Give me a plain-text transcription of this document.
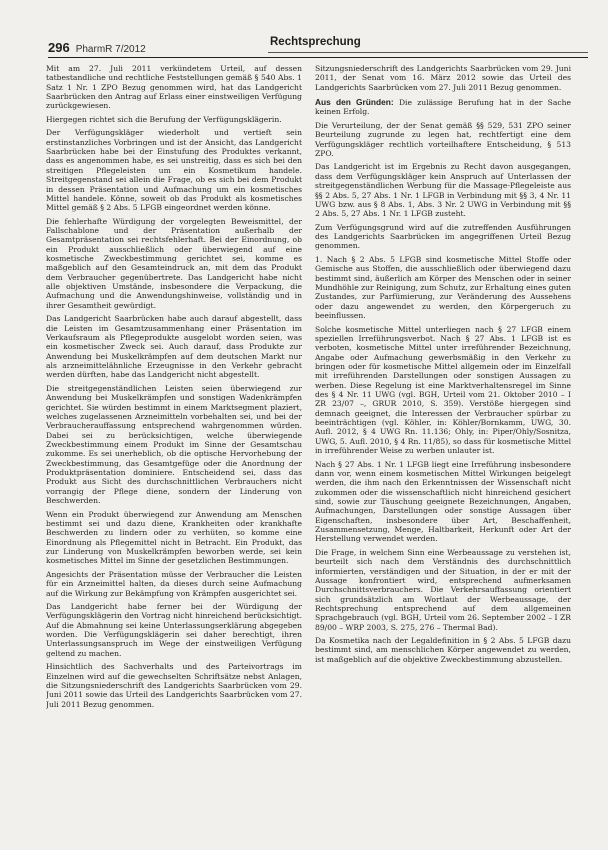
296 PharmR 7/2012
Rechtsprechung

Mit am 27. Juli 2011 verkündetem Urteil, auf dessen tatbestandliche und rechtliche Feststellungen gemäß § 540 Abs. 1 Satz 1 Nr. 1 ZPO Bezug genommen wird, hat das Landgericht Saarbrücken den Antrag auf Erlass einer einstweiligen Verfügung zurückgewiesen.

Hiergegen richtet sich die Berufung der Verfügungsklägerin.

Der Verfügungskläger wiederholt und vertieft sein erstinstanzliches Vorbringen und ist der Ansicht, das Landgericht Saarbrücken habe bei der Einstufung des Produktes verkannt, dass es angenommen habe, es sei unstreitig, dass es sich bei den streitigen Pflegeleisten um ein Kosmetikum handele. Streitgegenstand sei allein die Frage, ob es sich bei dem Produkt in dessen Präsentation und Aufmachung um ein kosmetisches Mittel handele. Könne, soweit ob das Produkt als kosmetisches Mittel gemäß § 2 Abs. 5 LFGB eingeordnet werden könne.

Die fehlerhafte Würdigung der vorgelegten Beweismittel, der Fallschablone und der Präsentation außerhalb der Gesamtpräsentation sei rechtsfehlerhaft. Bei der Einordnung, ob ein Produkt ausschließlich oder überwiegend auf eine kosmetische Zweckbestimmung gerichtet sei, komme es maßgeblich auf den Gesamteindruck an, mit dem das Produkt dem Verbraucher gegenübertrete. Das Landgericht habe nicht alle objektiven Umstände, insbesondere die Verpackung, die Aufmachung und die Anwendungshinweise, vollständig und in ihrer Gesamtheit gewürdigt.

Das Landgericht Saarbrücken habe auch darauf abgestellt, dass die Leisten im Gesamtzusammenhang einer Präsentation im Verkaufsraum als Pflegeprodukte ausgelobt worden seien, was ein kosmetischer Zweck sei. Auch darauf, dass Produkte zur Anwendung bei Muskelkrämpfen auf dem deutschen Markt nur als arzneimittelähnliche Erzeugnisse in den Verkehr gebracht werden dürften, habe das Landgericht nicht abgestellt.

Die streitgegenständlichen Leisten seien überwiegend zur Anwendung bei Muskelkrämpfen und sonstigen Wadenkrämpfen gerichtet. Sie würden bestimmt in einem Marktsegment plaziert, welches zugelassenen Arzneimitteln vorbehalten sei, und bei der Verbraucherauffassung entsprechend wahrgenommen würden. Dabei sei zu berücksichtigen, welche überwiegende Zweckbestimmung einem Produkt im Sinne der Gesamtschau zukomme. Es sei unerheblich, ob die optische Hervorhebung der Zweckbestimmung, das Gesamtgefüge oder die Anordnung der Produktpräsentation dominiere. Entscheidend sei, dass das Produkt aus Sicht des durchschnittlichen Verbrauchers nicht vorrangig der Pflege diene, sondern der Linderung von Beschwerden.

Wenn ein Produkt überwiegend zur Anwendung am Menschen bestimmt sei und dazu diene, Krankheiten oder krankhafte Beschwerden zu lindern oder zu verhüten, so komme eine Einordnung als Pflegemittel nicht in Betracht. Ein Produkt, das zur Linderung von Muskelkrämpfen beworben werde, sei kein kosmetisches Mittel im Sinne der gesetzlichen Bestimmungen.

Angesichts der Präsentation müsse der Verbraucher die Leisten für ein Arzneimittel halten, da dieses durch seine Aufmachung auf die Wirkung zur Bekämpfung von Krämpfen ausgerichtet sei.

Das Landgericht habe ferner bei der Würdigung der Verfügungsklägerin den Vortrag nicht hinreichend berücksichtigt. Auf die Abmahnung sei keine Unterlassungserklärung abgegeben worden. Die Verfügungsklägerin sei daher berechtigt, ihren Unterlassungsanspruch im Wege der einstweiligen Verfügung geltend zu machen.

Hinsichtlich des Sachverhalts und des Parteivortrags im Einzelnen wird auf die gewechselten Schriftsätze nebst Anlagen, die Sitzungsniederschrift des Landgerichts Saarbrücken vom 29. Juni 2011 sowie das Urteil des Landgerichts Saarbrücken vom 27. Juli 2011 Bezug genommen.

Sitzungsniederschrift des Landgerichts Saarbrücken vom 29. Juni 2011, der Senat vom 16. März 2012 sowie das Urteil des Landgerichts Saarbrücken vom 27. Juli 2011 Bezug genommen.

Aus den Gründen: Die zulässige Berufung hat in der Sache keinen Erfolg.

Die Verurteilung, der der Senat gemäß §§ 529, 531 ZPO seiner Beurteilung zugrunde zu legen hat, rechtfertigt eine dem Verfügungskläger rechtlich vorteilhaftere Entscheidung, § 513 ZPO.

Das Landgericht ist im Ergebnis zu Recht davon ausgegangen, dass dem Verfügungskläger kein Anspruch auf Unterlassen der streitgegenständlichen Werbung für die Massage-Pflegeleiste aus §§ 2 Abs. 5, 27 Abs. 1 Nr. 1 LFGB in Verbindung mit §§ 3, 4 Nr. 11 UWG bzw. aus § 8 Abs. 1, Abs. 3 Nr. 2 UWG in Verbindung mit §§ 2 Abs. 5, 27 Abs. 1 Nr. 1 LFGB zusteht.

Zum Verfügungsgrund wird auf die zutreffenden Ausführungen des Landgerichts Saarbrücken im angegriffenen Urteil Bezug genommen.

1. Nach § 2 Abs. 5 LFGB sind kosmetische Mittel Stoffe oder Gemische aus Stoffen, die ausschließlich oder überwiegend dazu bestimmt sind, äußerlich am Körper des Menschen oder in seiner Mundhöhle zur Reinigung, zum Schutz, zur Erhaltung eines guten Zustandes, zur Parfümierung, zur Veränderung des Aussehens oder dazu angewendet zu werden, den Körpergeruch zu beeinflussen.

Solche kosmetische Mittel unterliegen nach § 27 LFGB einem speziellen Irreführungsverbot. Nach § 27 Abs. 1 LFGB ist es verboten, kosmetische Mittel unter irreführender Bezeichnung, Angabe oder Aufmachung gewerbsmäßig in den Verkehr zu bringen oder für kosmetische Mittel allgemein oder im Einzelfall mit irreführenden Darstellungen oder sonstigen Aussagen zu werben. Diese Regelung ist eine Marktverhaltensregel im Sinne des § 4 Nr. 11 UWG (vgl. BGH, Urteil vom 21. Oktober 2010 – I ZR 23/07 –, GRUR 2010, S. 359). Verstöße hiergegen sind demnach geeignet, die Interessen der Verbraucher spürbar zu beeinträchtigen (vgl. Köhler, in: Köhler/Bornkamm, UWG, 30. Aufl. 2012, § 4 UWG Rn. 11.136; Ohly, in: Piper/Ohly/Sosnitza, UWG, 5. Aufl. 2010, § 4 Rn. 11/85), so dass für kosmetische Mittel in irreführender Weise zu werben unlauter ist.

Nach § 27 Abs. 1 Nr. 1 LFGB liegt eine Irreführung insbesondere dann vor, wenn einem kosmetischen Mittel Wirkungen beigelegt werden, die ihm nach den Erkenntnissen der Wissenschaft nicht zukommen oder die wissenschaftlich nicht hinreichend gesichert sind, sowie zur Täuschung geeignete Bezeichnungen, Angaben, Aufmachungen, Darstellungen oder sonstige Aussagen über Eigenschaften, insbesondere über Art, Beschaffenheit, Zusammensetzung, Menge, Haltbarkeit, Herkunft oder Art der Herstellung verwendet werden.

Die Frage, in welchem Sinn eine Werbeaussage zu verstehen ist, beurteilt sich nach dem Verständnis des durchschnittlich informierten, verständigen und der Situation, in der er mit der Aussage konfrontiert wird, entsprechend aufmerksamen Durchschnittsverbrauchers. Die Verkehrsauffassung orientiert sich grundsätzlich am Wortlaut der Werbeaussage, der Rechtsprechung entsprechend auf dem allgemeinen Sprachgebrauch (vgl. BGH, Urteil vom 26. September 2002 – I ZR 89/00 – WRP 2003, S. 275, 276 – Thermal Bad).

Da Kosmetika nach der Legaldefinition in § 2 Abs. 5 LFGB dazu bestimmt sind, am menschlichen Körper angewendet zu werden, ist maßgeblich auf die objektive Zweckbestimmung abzustellen.
